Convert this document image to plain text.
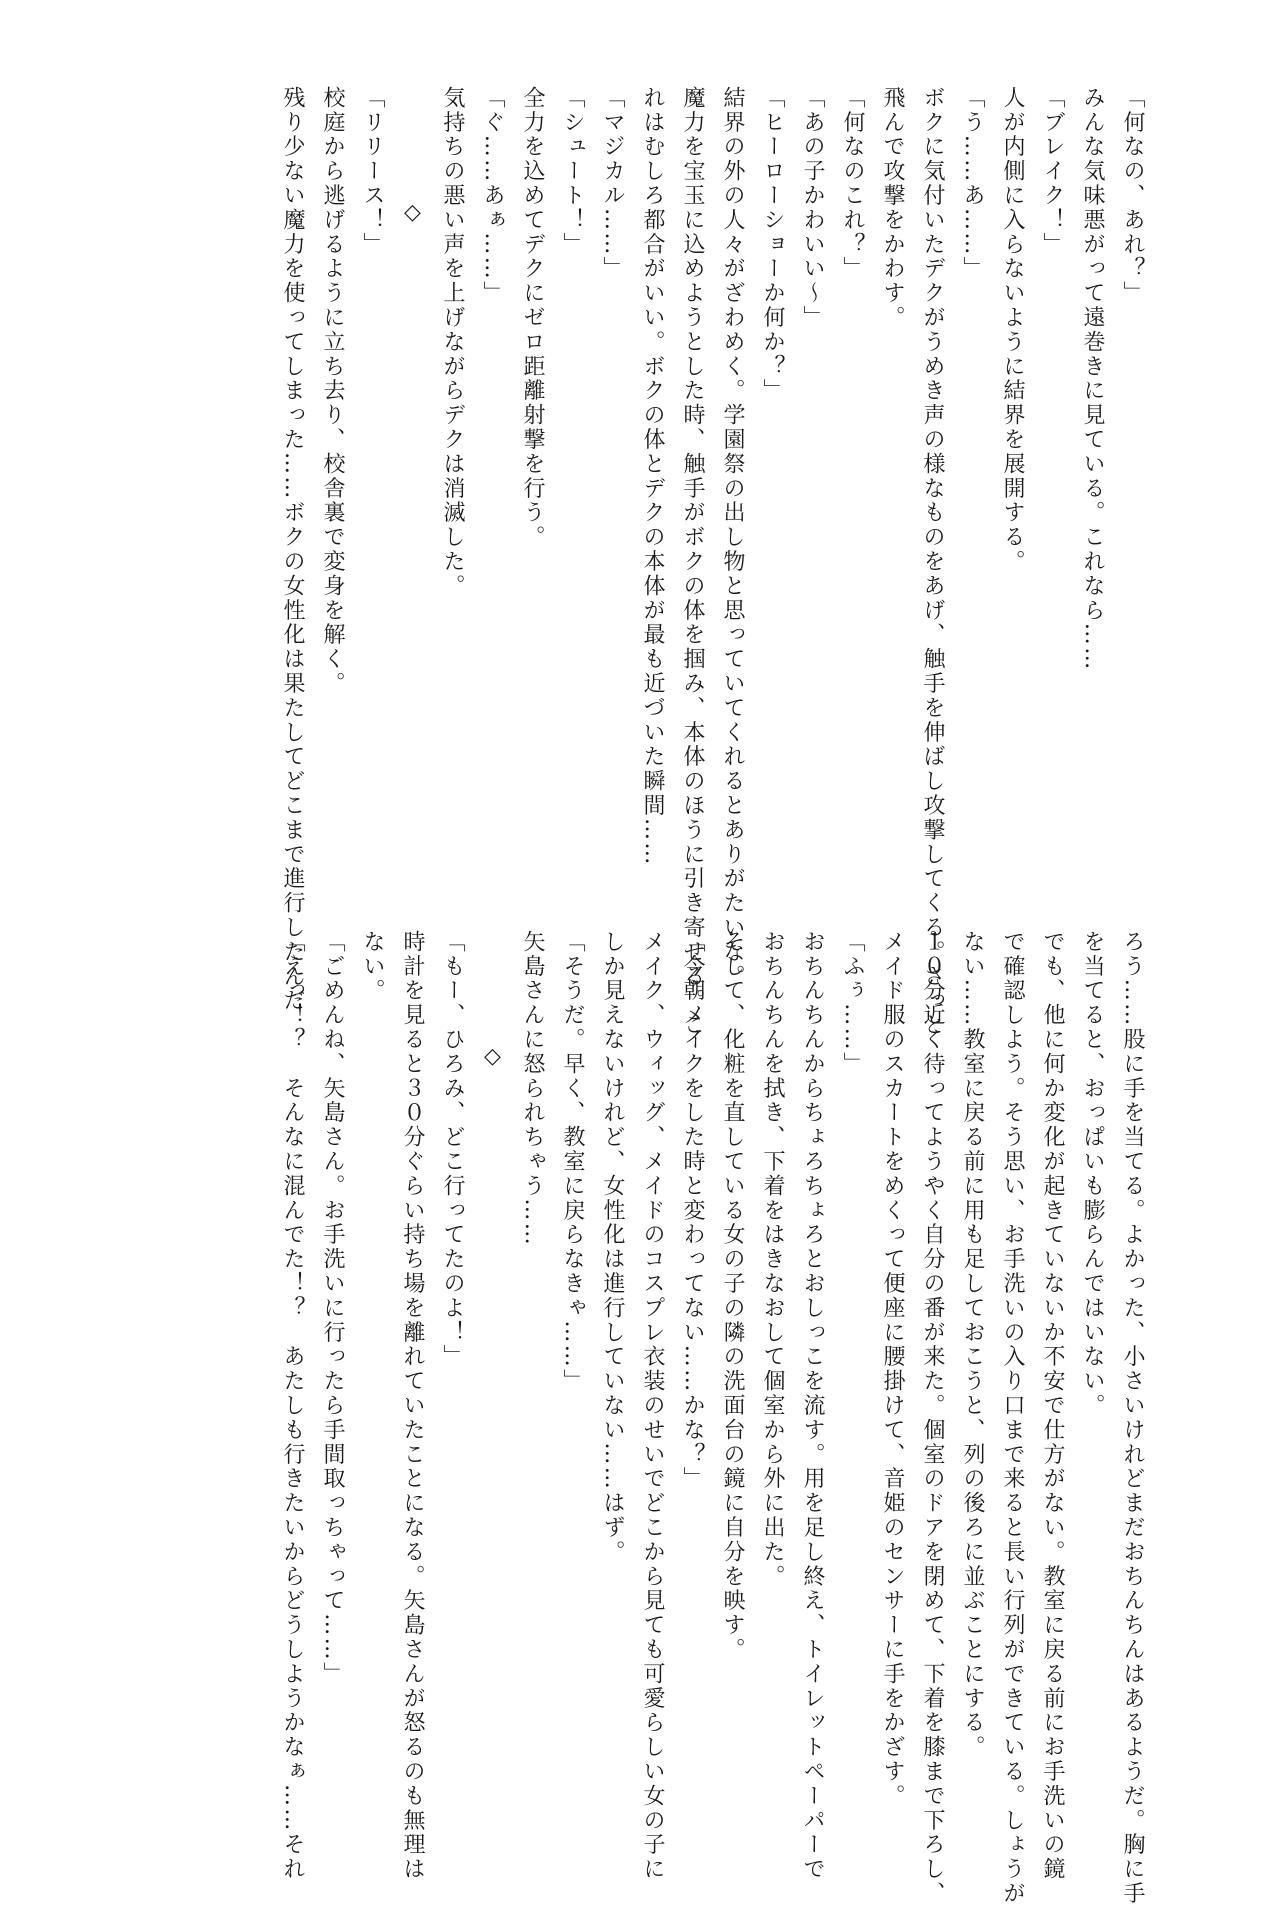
「何なの、あれ？」
みんな気味悪がって遠巻きに見ている。これなら……
「ブレイク！」
人が内側に入らないように結界を展開する。
「う……あ……」
ボクに気付いたデクがうめき声の様なものをあげ、触手を伸ばし攻撃してくる。さっと
飛んで攻撃をかわす。
「何なのこれ？」
「あの子かわいい〜」
「ヒーローショーか何か？」
結界の外の人々がざわめく。学園祭の出し物と思っていてくれるとありがたいな。
魔力を宝玉に込めようとした時、触手がボクの体を掴み、本体のほうに引き寄せる。こ
れはむしろ都合がいい。ボクの体とデクの本体が最も近づいた瞬間……
「マジカル……」
「シュート！」
全力を込めてデクにゼロ距離射撃を行う。
「ぐ……あぁ……」
気持ちの悪い声を上げながらデクは消滅した。
◇
「リリース！」
校庭から逃げるように立ち去り、校舎裏で変身を解く。
残り少ない魔力を使ってしまった……ボクの女性化は果たしてどこまで進行したんだ
ろう……股に手を当てる。よかった、小さいけれどまだおちんちんはあるようだ。胸に手
を当てると、おっぱいも膨らんではいない。
でも、他に何か変化が起きていないか不安で仕方がない。教室に戻る前にお手洗いの鏡
で確認しよう。そう思い、お手洗いの入り口まで来ると長い行列ができている。しょうが
ない……教室に戻る前に用も足しておこうと、列の後ろに並ぶことにする。
１０分近く待ってようやく自分の番が来た。個室のドアを閉めて、下着を膝まで下ろし、
メイド服のスカートをめくって便座に腰掛けて、音姫のセンサーに手をかざす。
「ふぅ……」
おちんちんからちょろちょろとおしっこを流す。用を足し終え、トイレットペーパーで
おちんちんを拭き、下着をはきなおして個室から外に出た。
そして、化粧を直している女の子の隣の洗面台の鏡に自分を映す。
「今朝メイクをした時と変わってない……かな？」
メイク、ウィッグ、メイドのコスプレ衣装のせいでどこから見ても可愛らしい女の子に
しか見えないけれど、女性化は進行していない……はず。
「そうだ。早く、教室に戻らなきゃ……」
矢島さんに怒られちゃう……
◇
「もー、ひろみ、どこ行ってたのよ！」
時計を見ると３０分ぐらい持ち場を離れていたことになる。矢島さんが怒るのも無理は
ない。
「ごめんね、矢島さん。お手洗いに行ったら手間取っちゃって……」
「えっ！？　そんなに混んでた！？　あたしも行きたいからどうしようかなぁ……それ
